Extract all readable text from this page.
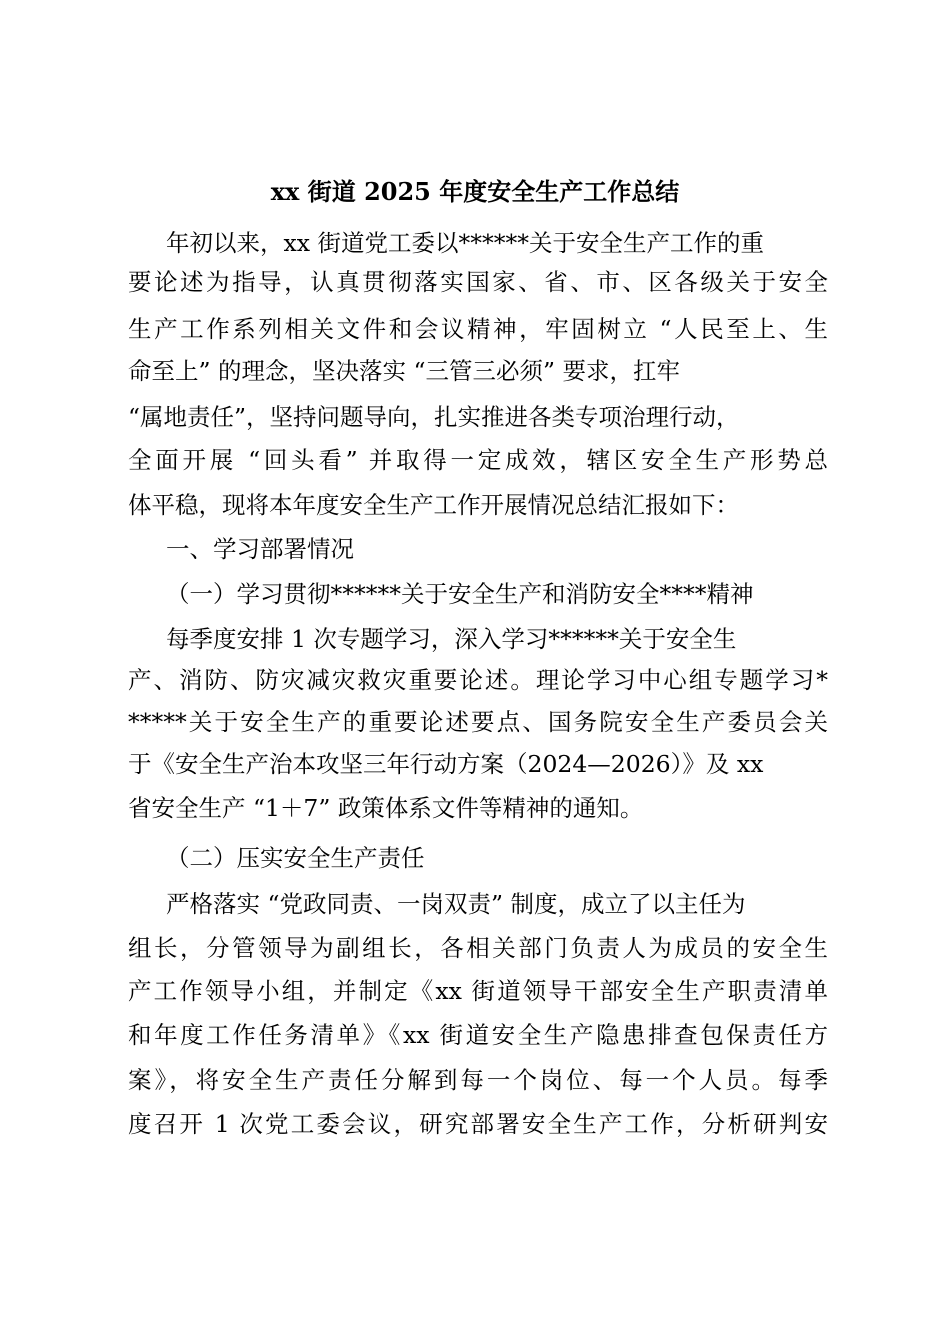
xx 街道 2025 年度安全生产工作总结
年初以来，xx 街道党工委以******关于安全生产工作的重
要论述为指导，认真贯彻落实国家、省、市、区各级关于安全
生产工作系列相关文件和会议精神，牢固树立 “人民至上、生
命至上” 的理念，坚决落实 “三管三必须” 要求，扛牢
“属地责任”，坚持问题导向，扎实推进各类专项治理行动，
全面开展 “回头看” 并取得一定成效，辖区安全生产形势总
体平稳，现将本年度安全生产工作开展情况总结汇报如下：
一、学习部署情况
（一）学习贯彻******关于安全生产和消防安全****精神
每季度安排 1 次专题学习，深入学习******关于安全生
产、消防、防灾减灾救灾重要论述。理论学习中心组专题学习*
*****关于安全生产的重要论述要点、国务院安全生产委员会关
于《安全生产治本攻坚三年行动方案（2024—2026）》及 xx
省安全生产 “1＋7” 政策体系文件等精神的通知。
（二）压实安全生产责任
严格落实 “党政同责、一岗双责” 制度，成立了以主任为
组长，分管领导为副组长，各相关部门负责人为成员的安全生
产工作领导小组，并制定《xx 街道领导干部安全生产职责清单
和年度工作任务清单》《xx 街道安全生产隐患排查包保责任方
案》，将安全生产责任分解到每一个岗位、每一个人员。每季
度召开 1 次党工委会议，研究部署安全生产工作，分析研判安
